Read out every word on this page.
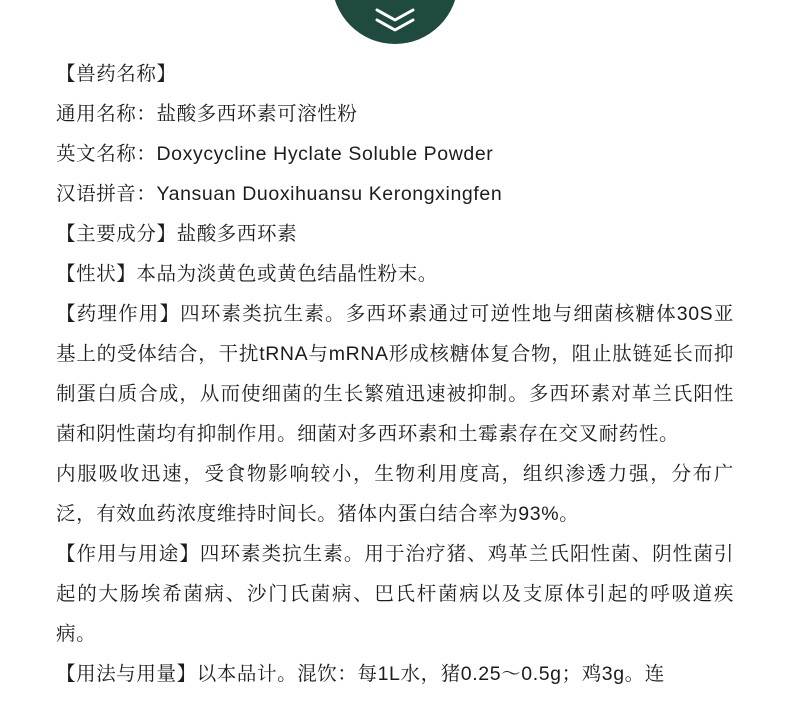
【兽药名称】

通用名称：盐酸多西环素可溶性粉

英文名称：Doxycycline Hyclate Soluble Powder

汉语拼音：Yansuan Duoxihuansu Kerongxingfen

【主要成分】盐酸多西环素

【性状】本品为淡黄色或黄色结晶性粉末。

【药理作用】四环素类抗生素。多西环素通过可逆性地与细菌核糖体30S亚基上的受体结合，干扰tRNA与mRNA形成核糖体复合物，阻止肽链延长而抑制蛋白质合成，从而使细菌的生长繁殖迅速被抑制。多西环素对革兰氏阳性菌和阴性菌均有抑制作用。细菌对多西环素和土霉素存在交叉耐药性。

内服吸收迅速，受食物影响较小，生物利用度高，组织渗透力强，分布广泛，有效血药浓度维持时间长。猪体内蛋白结合率为93%。

【作用与用途】四环素类抗生素。用于治疗猪、鸡革兰氏阳性菌、阴性菌引起的大肠埃希菌病、沙门氏菌病、巴氏杆菌病以及支原体引起的呼吸道疾病。

【用法与用量】以本品计。混饮：每1L水，猪0.25～0.5g；鸡3g。连
